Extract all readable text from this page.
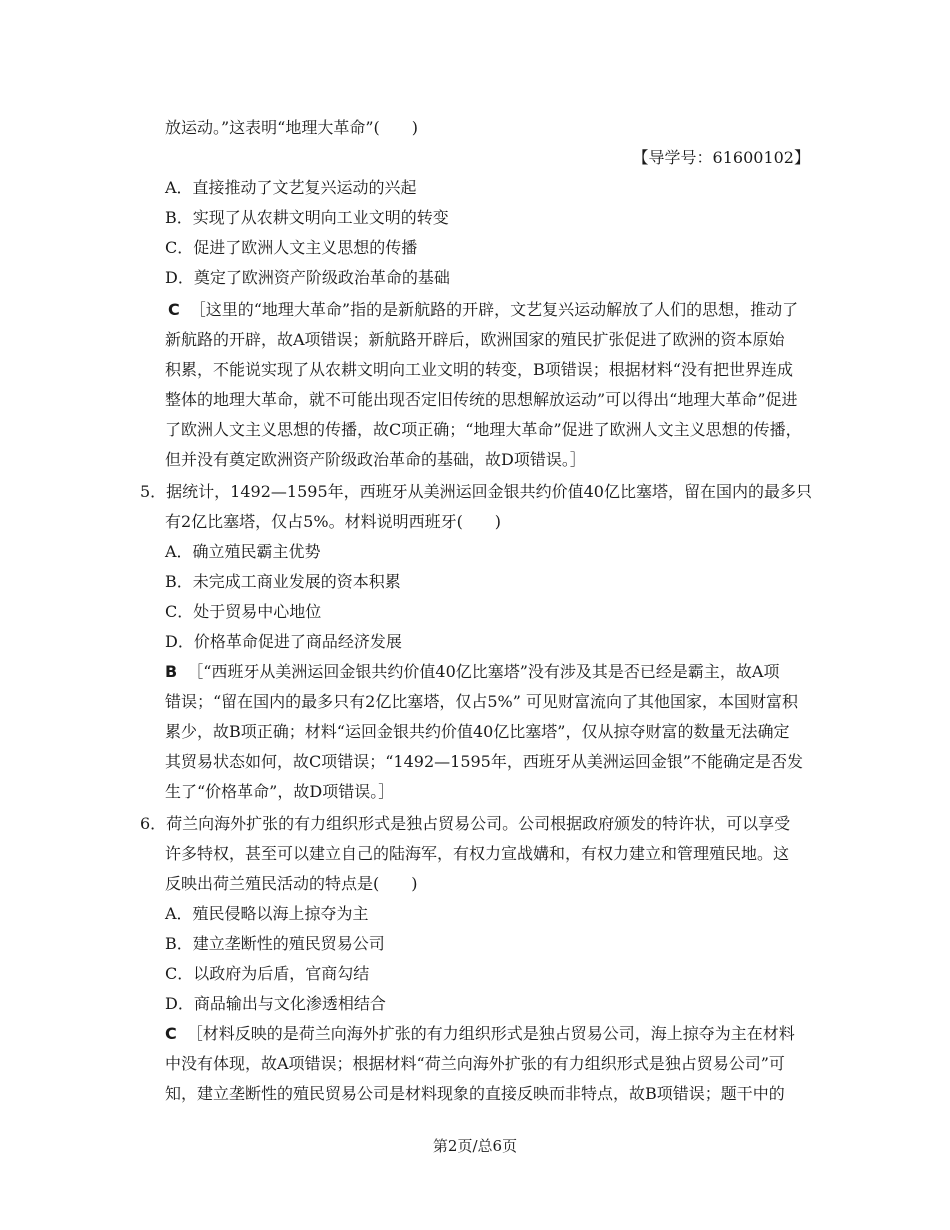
放运动。”这表明“地理大革命”(　　)
【导学号：61600102】
A．直接推动了文艺复兴运动的兴起
B．实现了从农耕文明向工业文明的转变
C．促进了欧洲人文主义思想的传播
D．奠定了欧洲资产阶级政治革命的基础
C ［这里的“地理大革命”指的是新航路的开辟，文艺复兴运动解放了人们的思想，推动了
新航路的开辟，故A项错误；新航路开辟后，欧洲国家的殖民扩张促进了欧洲的资本原始
积累，不能说实现了从农耕文明向工业文明的转变，B项错误；根据材料“没有把世界连成
整体的地理大革命，就不可能出现否定旧传统的思想解放运动”可以得出“地理大革命”促进
了欧洲人文主义思想的传播，故C项正确；“地理大革命”促进了欧洲人文主义思想的传播，
但并没有奠定欧洲资产阶级政治革命的基础，故D项错误。］
5．据统计，1492—1595年，西班牙从美洲运回金银共约价值40亿比塞塔，留在国内的最多只
有2亿比塞塔，仅占5%。材料说明西班牙(　　)
A．确立殖民霸主优势
B．未完成工商业发展的资本积累
C．处于贸易中心地位
D．价格革命促进了商品经济发展
B ［“西班牙从美洲运回金银共约价值40亿比塞塔”没有涉及其是否已经是霸主，故A项
错误；“留在国内的最多只有2亿比塞塔，仅占5%” 可见财富流向了其他国家，本国财富积
累少，故B项正确；材料“运回金银共约价值40亿比塞塔”，仅从掠夺财富的数量无法确定
其贸易状态如何，故C项错误；“1492—1595年，西班牙从美洲运回金银”不能确定是否发
生了“价格革命”，故D项错误。］
6．荷兰向海外扩张的有力组织形式是独占贸易公司。公司根据政府颁发的特许状，可以享受
许多特权，甚至可以建立自己的陆海军，有权力宣战媾和，有权力建立和管理殖民地。这
反映出荷兰殖民活动的特点是(　　)
A．殖民侵略以海上掠夺为主
B．建立垄断性的殖民贸易公司
C．以政府为后盾，官商勾结
D．商品输出与文化渗透相结合
C ［材料反映的是荷兰向海外扩张的有力组织形式是独占贸易公司，海上掠夺为主在材料
中没有体现，故A项错误；根据材料“荷兰向海外扩张的有力组织形式是独占贸易公司”可
知，建立垄断性的殖民贸易公司是材料现象的直接反映而非特点，故B项错误；题干中的
第2页/总6页
